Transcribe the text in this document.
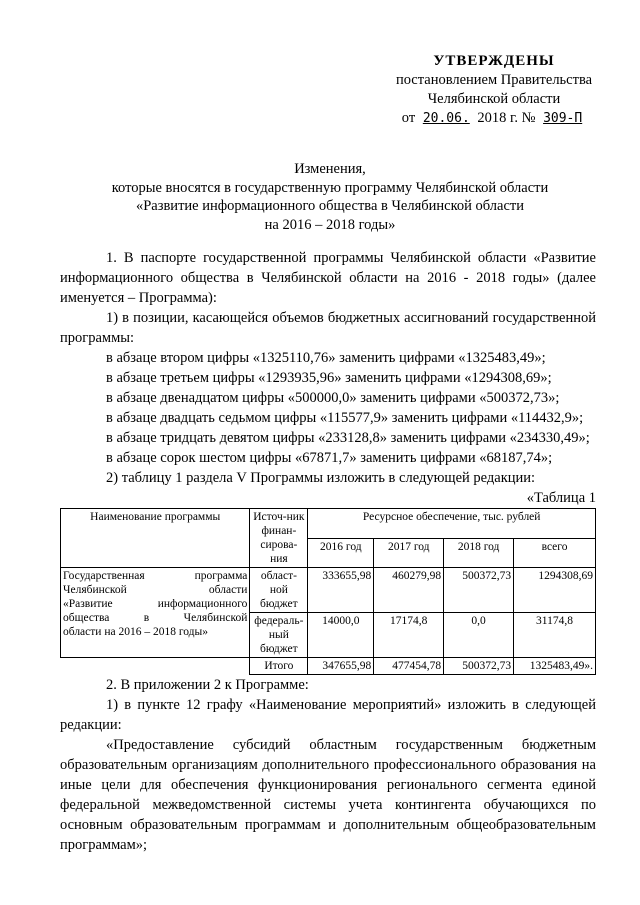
УТВЕРЖДЕНЫ
постановлением Правительства
Челябинской области
от 20.06. 2018 г. № 309-П
Изменения,
которые вносятся в государственную программу Челябинской области
«Развитие информационного общества в Челябинской области
на 2016 – 2018 годы»

1. В паспорте государственной программы Челябинской области «Развитие информационного общества в Челябинской области на 2016 - 2018 годы» (далее именуется – Программа):

1) в позиции, касающейся объемов бюджетных ассигнований государственной программы:

в абзаце втором цифры «1325110,76» заменить цифрами «1325483,49»;

в абзаце третьем цифры «1293935,96» заменить цифрами «1294308,69»;

в абзаце двенадцатом цифры «500000,0» заменить цифрами «500372,73»;

в абзаце двадцать седьмом цифры «115577,9» заменить цифрами «114432,9»;

в абзаце тридцать девятом цифры «233128,8» заменить цифрами «234330,49»;

в абзаце сорок шестом цифры «67871,7» заменить цифрами «68187,74»;

2) таблицу 1 раздела V Программы изложить в следующей редакции:

«Таблица 1

Наименование программы	Источ-ник финан-сирова-ния	Ресурсное обеспечение, тыс. рублей			
		2016 год	2017 год	2018 год	всего

Государственная программа
Челябинской области
«Развитие информационного
общества в Челябинской
области на 2016 – 2018 годы»	област-ной бюджет	333655,98	460279,98	500372,73	1294308,69
	федераль-ный бюджет	14000,0	17174,8	0,0	31174,8
	Итого	347655,98	477454,78	500372,73	1325483,49».

2. В приложении 2 к Программе:

1) в пункте 12 графу «Наименование мероприятий» изложить в следующей редакции:

«Предоставление субсидий областным государственным бюджетным образовательным организациям дополнительного профессионального образования на иные цели для обеспечения функционирования регионального сегмента единой федеральной межведомственной системы учета контингента обучающихся по основным образовательным программам и дополнительным общеобразовательным программам»;
